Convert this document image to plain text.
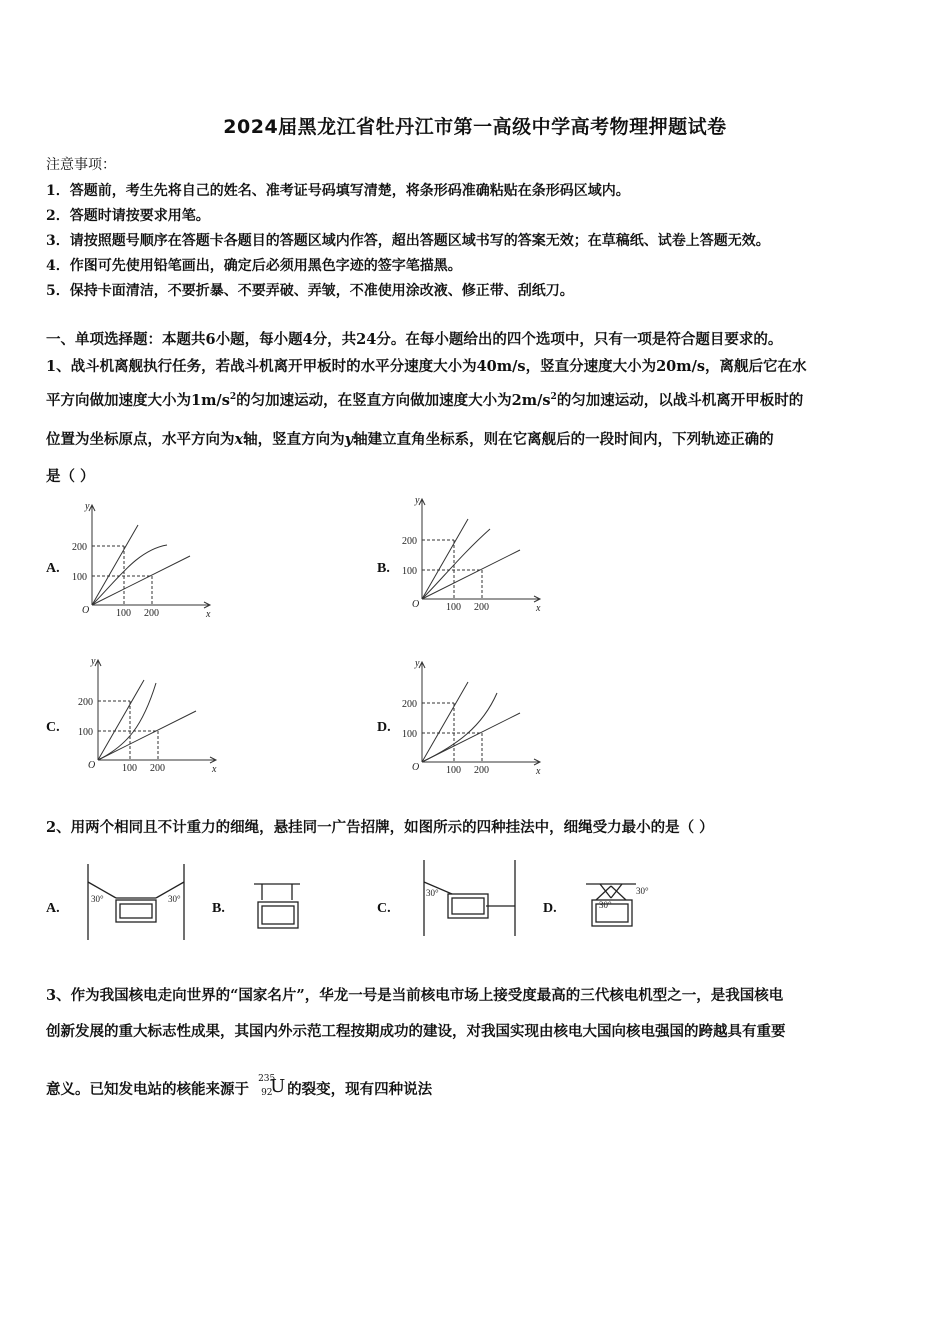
2024届黑龙江省牡丹江市第一高级中学高考物理押题试卷
注意事项：
1．答题前，考生先将自己的姓名、准考证号码填写清楚，将条形码准确粘贴在条形码区域内。
2．答题时请按要求用笔。
3．请按照题号顺序在答题卡各题目的答题区域内作答，超出答题区域书写的答案无效；在草稿纸、试卷上答题无效。
4．作图可先使用铅笔画出，确定后必须用黑色字迹的签字笔描黑。
5．保持卡面清洁，不要折暴、不要弄破、弄皱，不准使用涂改液、修正带、刮纸刀。
一、单项选择题：本题共6小题，每小题4分，共24分。在每小题给出的四个选项中，只有一项是符合题目要求的。
1、战斗机离舰执行任务，若战斗机离开甲板时的水平分速度大小为40m/s，竖直分速度大小为20m/s，离舰后它在水
平方向做加速度大小为$1m/s^2$的匀加速运动，在竖直方向做加速度大小为$2m/s^2$的匀加速运动，以战斗机离开甲板时的
位置为坐标原点，水平方向为x轴，竖直方向为y轴建立直角坐标系，则在它离舰后的一段时间内，下列轨迹正确的
是（ ）
A.	B.
C.	D.
y
x
O
100
200
100 200
y
x
O
100
200
100 200
y
x
O
100
200
100 200
y
x
O
100
200
100 200
2、用两个相同且不计重力的细绳，悬挂同一广告招牌，如图所示的四种挂法中，细绳受力最小的是（ ）
A.	B.	C.	D.
30°	30°
30°
30°
30°
3、作为我国核电走向世界的“国家名片”，华龙一号是当前核电市场上接受度最高的三代核电机型之一，是我国核电
创新发展的重大标志性成果，其国内外示范工程按期成功的建设，对我国实现由核电大国向核电强国的跨越具有重要
意义。已知发电站的核能来源于
235
92
U 的裂变，现有四种说法
